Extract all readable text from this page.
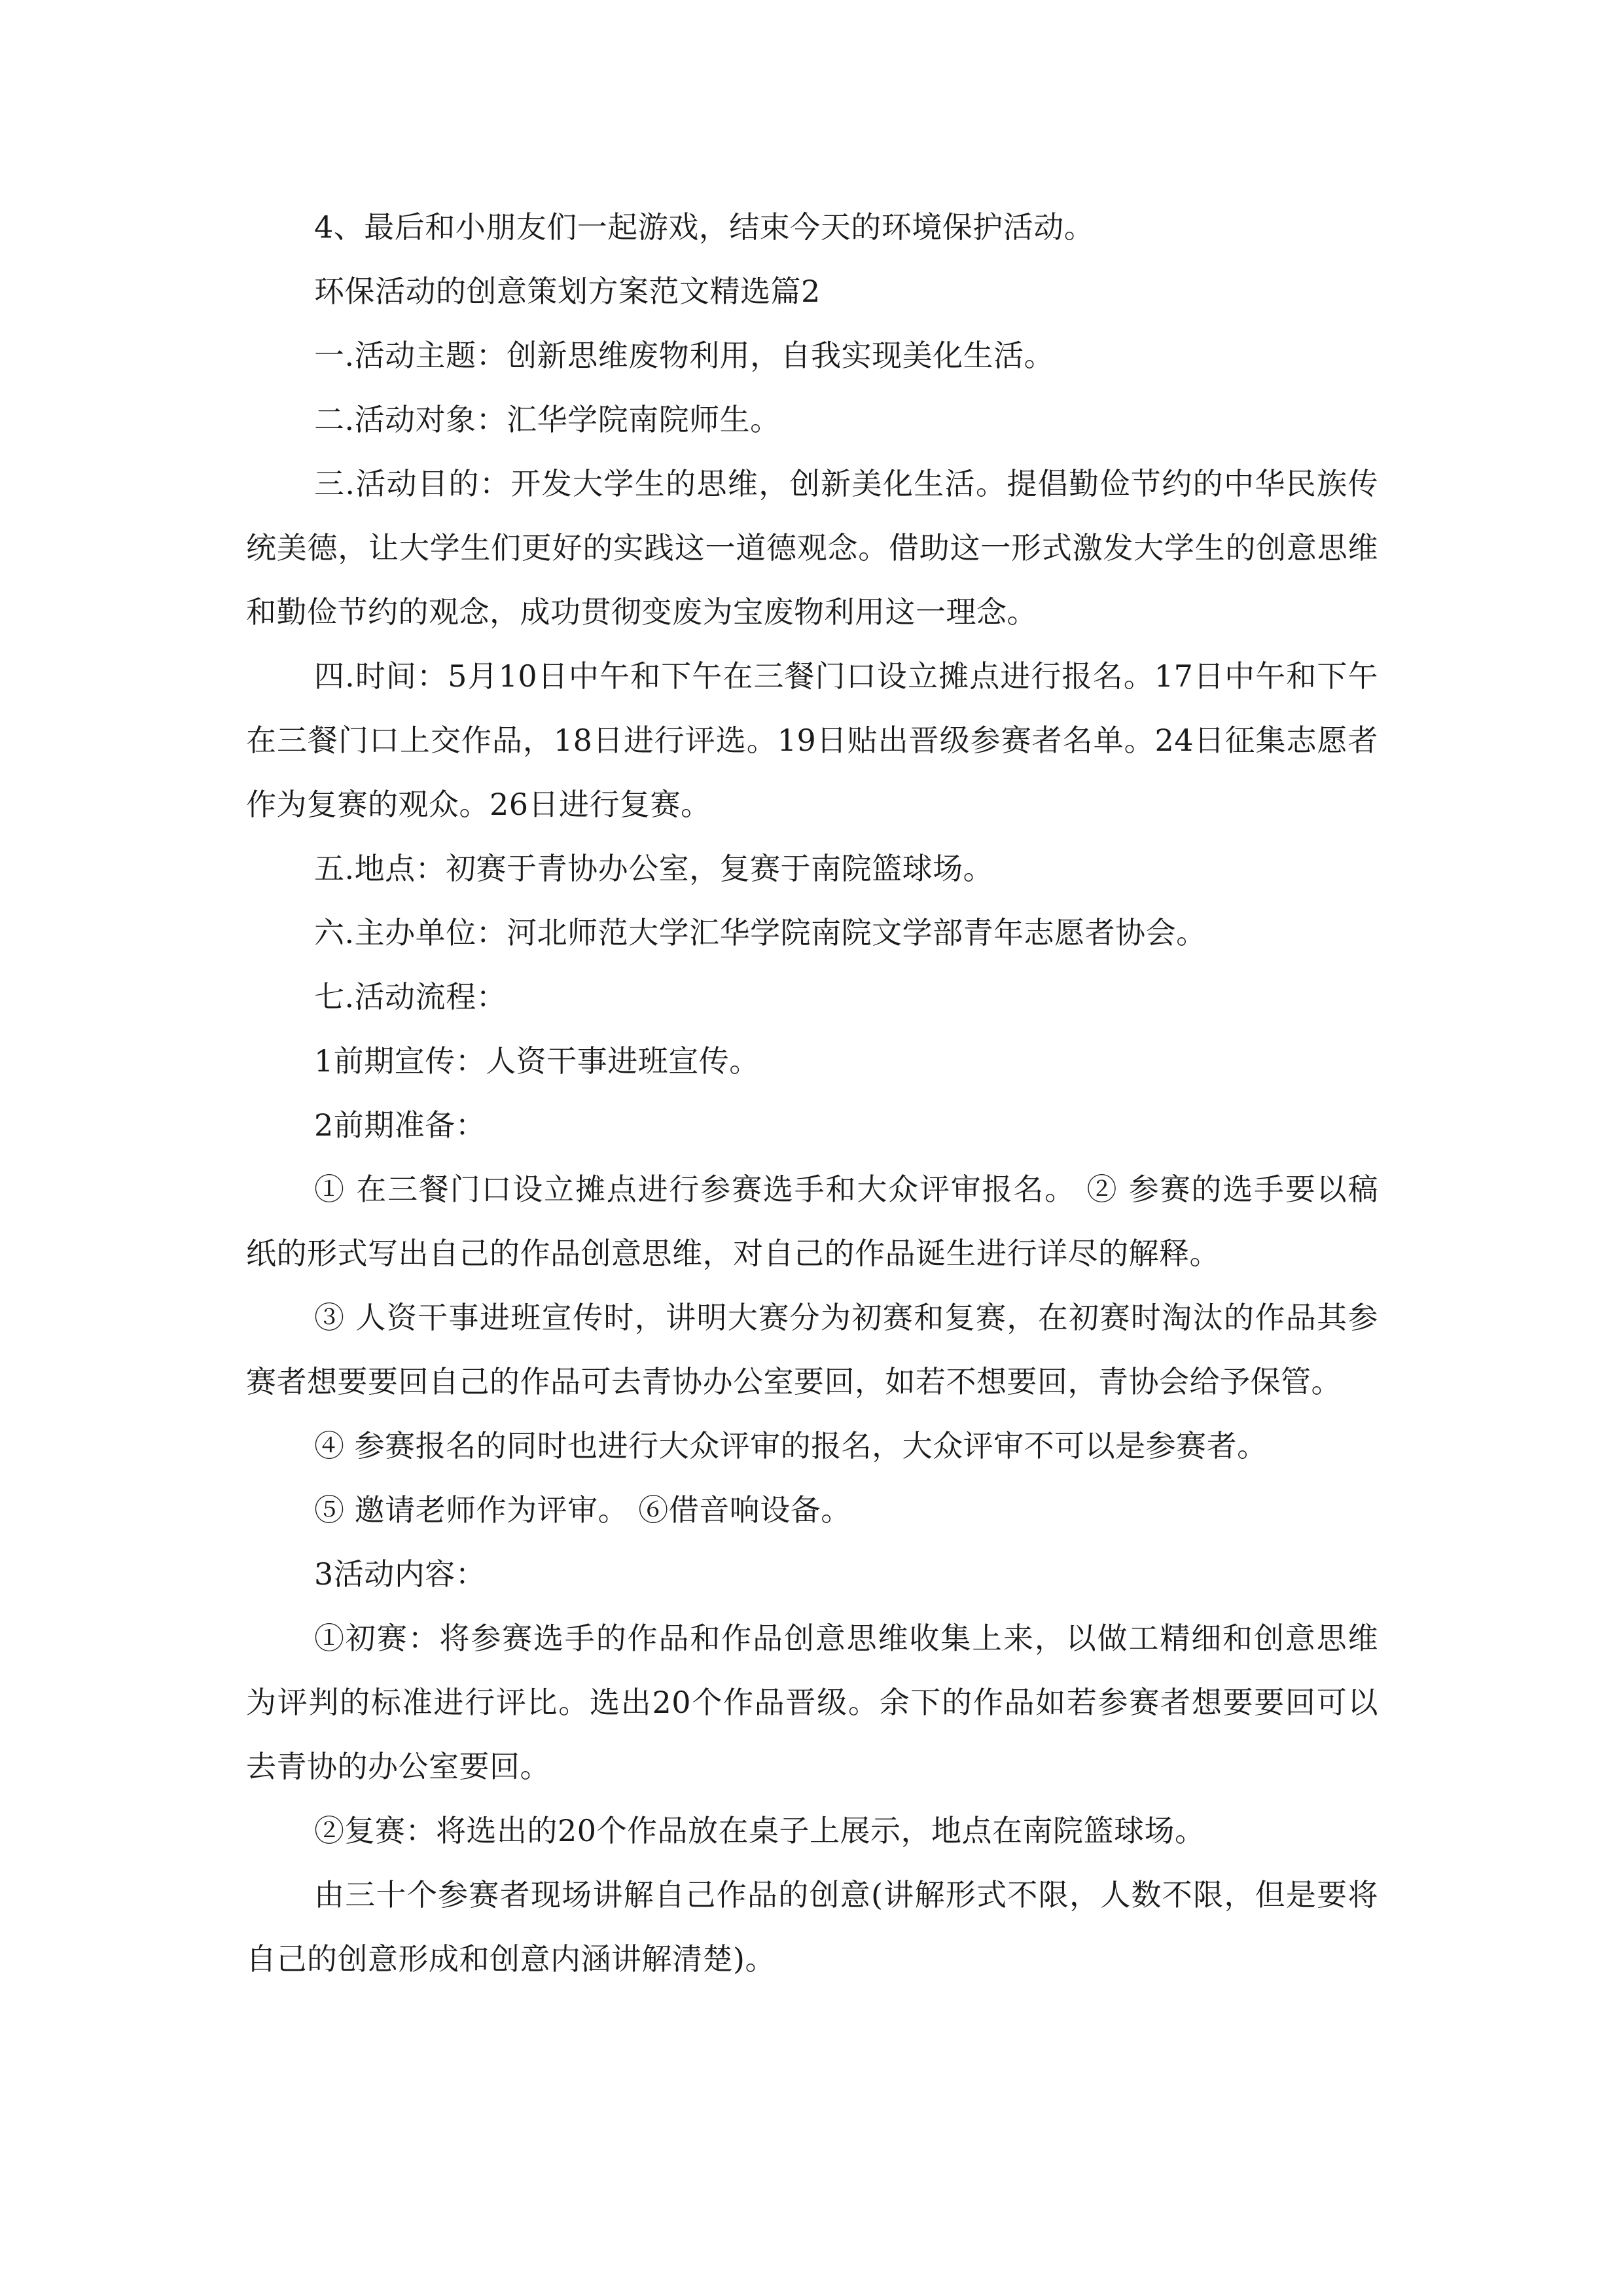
4、最后和小朋友们一起游戏，结束今天的环境保护活动。

环保活动的创意策划方案范文精选篇2

一.活动主题：创新思维废物利用，自我实现美化生活。

二.活动对象：汇华学院南院师生。

三.活动目的：开发大学生的思维，创新美化生活。提倡勤俭节约的中华民族传统美德，让大学生们更好的实践这一道德观念。借助这一形式激发大学生的创意思维和勤俭节约的观念，成功贯彻变废为宝废物利用这一理念。

四.时间：5月10日中午和下午在三餐门口设立摊点进行报名。17日中午和下午在三餐门口上交作品，18日进行评选。19日贴出晋级参赛者名单。24日征集志愿者作为复赛的观众。26日进行复赛。

五.地点：初赛于青协办公室，复赛于南院篮球场。

六.主办单位：河北师范大学汇华学院南院文学部青年志愿者协会。

七.活动流程：

1前期宣传：人资干事进班宣传。

2前期准备：

① 在三餐门口设立摊点进行参赛选手和大众评审报名。 ② 参赛的选手要以稿纸的形式写出自己的作品创意思维，对自己的作品诞生进行详尽的解释。

③ 人资干事进班宣传时，讲明大赛分为初赛和复赛，在初赛时淘汰的作品其参赛者想要要回自己的作品可去青协办公室要回，如若不想要回，青协会给予保管。

④ 参赛报名的同时也进行大众评审的报名，大众评审不可以是参赛者。

⑤ 邀请老师作为评审。 ⑥借音响设备。

3活动内容：

①初赛：将参赛选手的作品和作品创意思维收集上来，以做工精细和创意思维为评判的标准进行评比。选出20个作品晋级。余下的作品如若参赛者想要要回可以去青协的办公室要回。

②复赛：将选出的20个作品放在桌子上展示，地点在南院篮球场。

由三十个参赛者现场讲解自己作品的创意(讲解形式不限，人数不限，但是要将自己的创意形成和创意内涵讲解清楚)。
